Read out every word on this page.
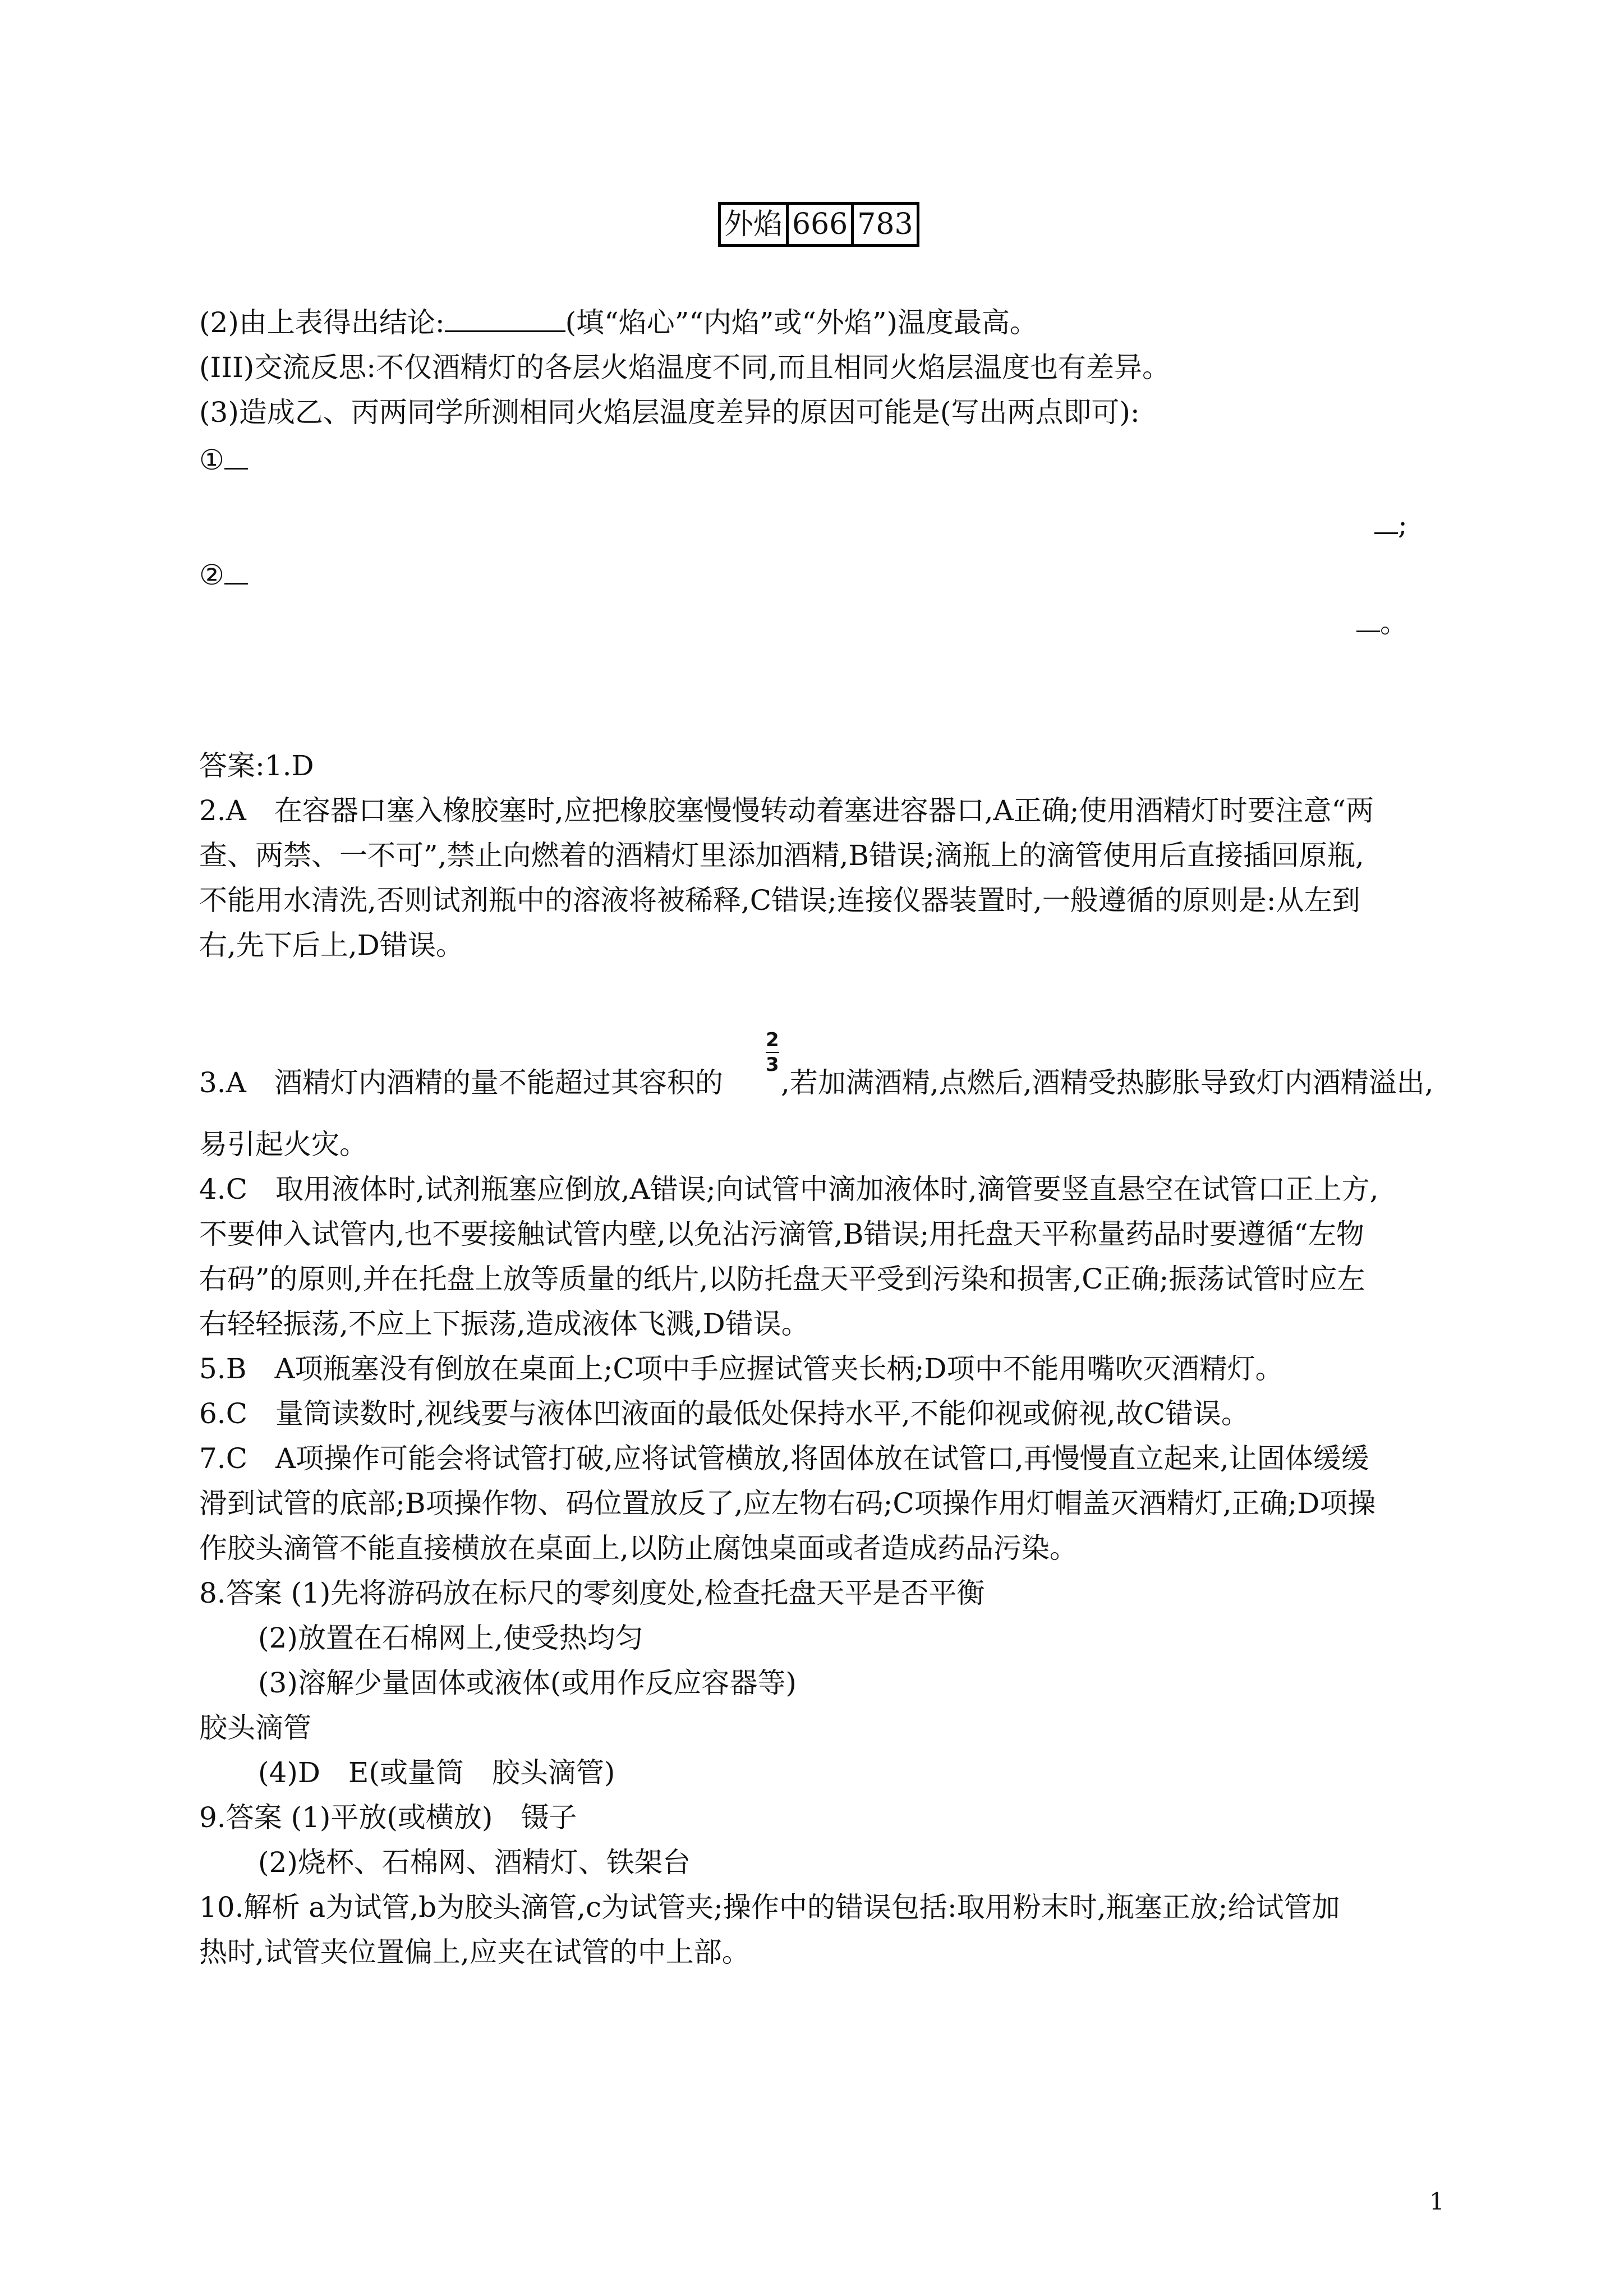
外焰	666	783
(2)由上表得出结论:	(填“焰心”“内焰”或“外焰”)温度最高。
(III)交流反思:不仅酒精灯的各层火焰温度不同,而且相同火焰层温度也有差异。
(3)造成乙、丙两同学所测相同火焰层温度差异的原因可能是(写出两点即可):
①
;
②
。
答案:1.D
2.A　在容器口塞入橡胶塞时,应把橡胶塞慢慢转动着塞进容器口,A正确;使用酒精灯时要注意“两
查、两禁、一不可”,禁止向燃着的酒精灯里添加酒精,B错误;滴瓶上的滴管使用后直接插回原瓶,
不能用水清洗,否则试剂瓶中的溶液将被稀释,C错误;连接仪器装置时,一般遵循的原则是:从左到
右,先下后上,D错误。
3.A　酒精灯内酒精的量不能超过其容积的
2
3
,若加满酒精,点燃后,酒精受热膨胀导致灯内酒精溢出,
易引起火灾。
4.C　取用液体时,试剂瓶塞应倒放,A错误;向试管中滴加液体时,滴管要竖直悬空在试管口正上方,
不要伸入试管内,也不要接触试管内壁,以免沾污滴管,B错误;用托盘天平称量药品时要遵循“左物
右码”的原则,并在托盘上放等质量的纸片,以防托盘天平受到污染和损害,C正确;振荡试管时应左
右轻轻振荡,不应上下振荡,造成液体飞溅,D错误。
5.B　A项瓶塞没有倒放在桌面上;C项中手应握试管夹长柄;D项中不能用嘴吹灭酒精灯。
6.C　量筒读数时,视线要与液体凹液面的最低处保持水平,不能仰视或俯视,故C错误。
7.C　A项操作可能会将试管打破,应将试管横放,将固体放在试管口,再慢慢直立起来,让固体缓缓
滑到试管的底部;B项操作物、码位置放反了,应左物右码;C项操作用灯帽盖灭酒精灯,正确;D项操
作胶头滴管不能直接横放在桌面上,以防止腐蚀桌面或者造成药品污染。
8.答案 (1)先将游码放在标尺的零刻度处,检查托盘天平是否平衡
(2)放置在石棉网上,使受热均匀
(3)溶解少量固体或液体(或用作反应容器等)
胶头滴管
(4)D　E(或量筒　胶头滴管)
9.答案 (1)平放(或横放)　镊子
(2)烧杯、石棉网、酒精灯、铁架台
10.解析 a为试管,b为胶头滴管,c为试管夹;操作中的错误包括:取用粉末时,瓶塞正放;给试管加
热时,试管夹位置偏上,应夹在试管的中上部。
1
